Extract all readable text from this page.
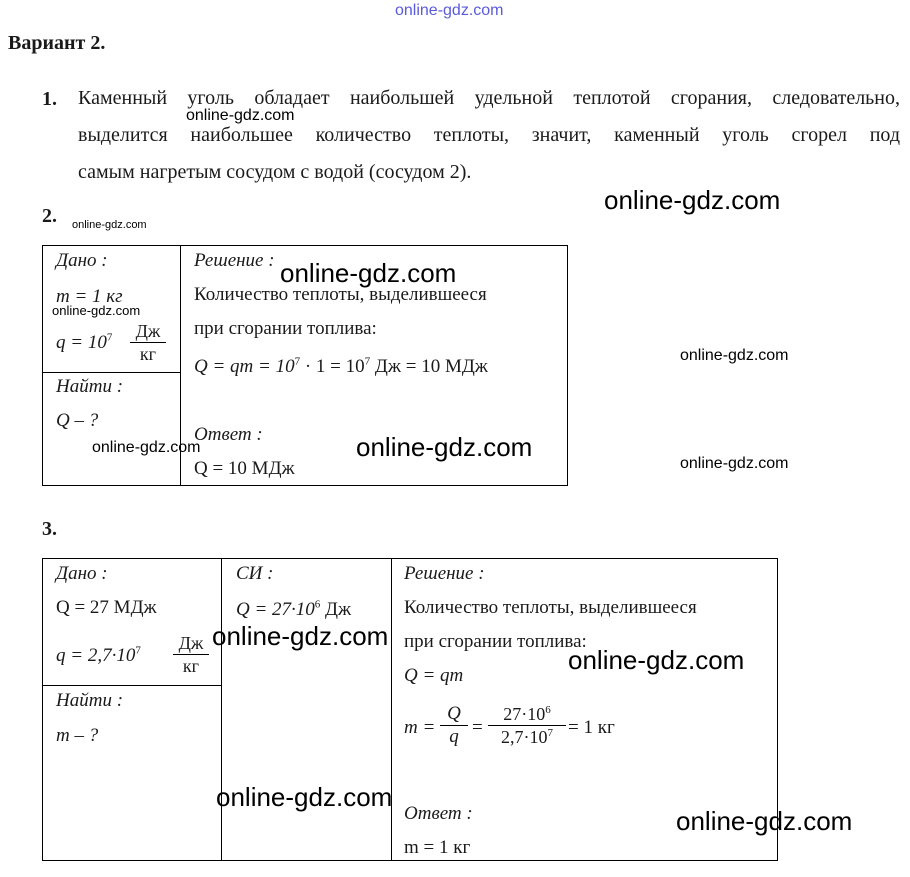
online-gdz.com
Вариант 2.
1. Каменный уголь обладает наибольшей удельной теплотой сгорания, следовательно,
выделится наибольшее количество теплоты, значит, каменный уголь сгорел под
самым нагретым сосудом с водой (сосудом 2).
2.
Дано :
m = 1 кг
$q = 10^7$	Дж
кг
Найти :
Q – ?
Решение :
Количество теплоты, выделившееся
при сгорании топлива:
Q = qm = $10^7 \cdot 1 = 10^7$ Дж = 10 МДж
Ответ :
Q = 10 МДж
3.
Дано :
Q = 27 МДж
$q = 2,7\cdot 10^7$	Дж
кг
Найти :
m – ?
СИ :
$Q = 27\cdot 10^6$ Дж
Решение :
Количество теплоты, выделившееся
при сгорании топлива:
Q = qm
m =
Q
q =
$27\cdot 10^6$
$2,7\cdot 10^7 = 1$ кг
Ответ :
m = 1 кг
online-gdz.com
online-gdz.com
online-gdz.com
online-gdz.com
online-gdz.com
online-gdz.com
online-gdz.com	online-gdz.com
online-gdz.com
online-gdz.com
online-gdz.com
online-gdz.com
online-gdz.com
